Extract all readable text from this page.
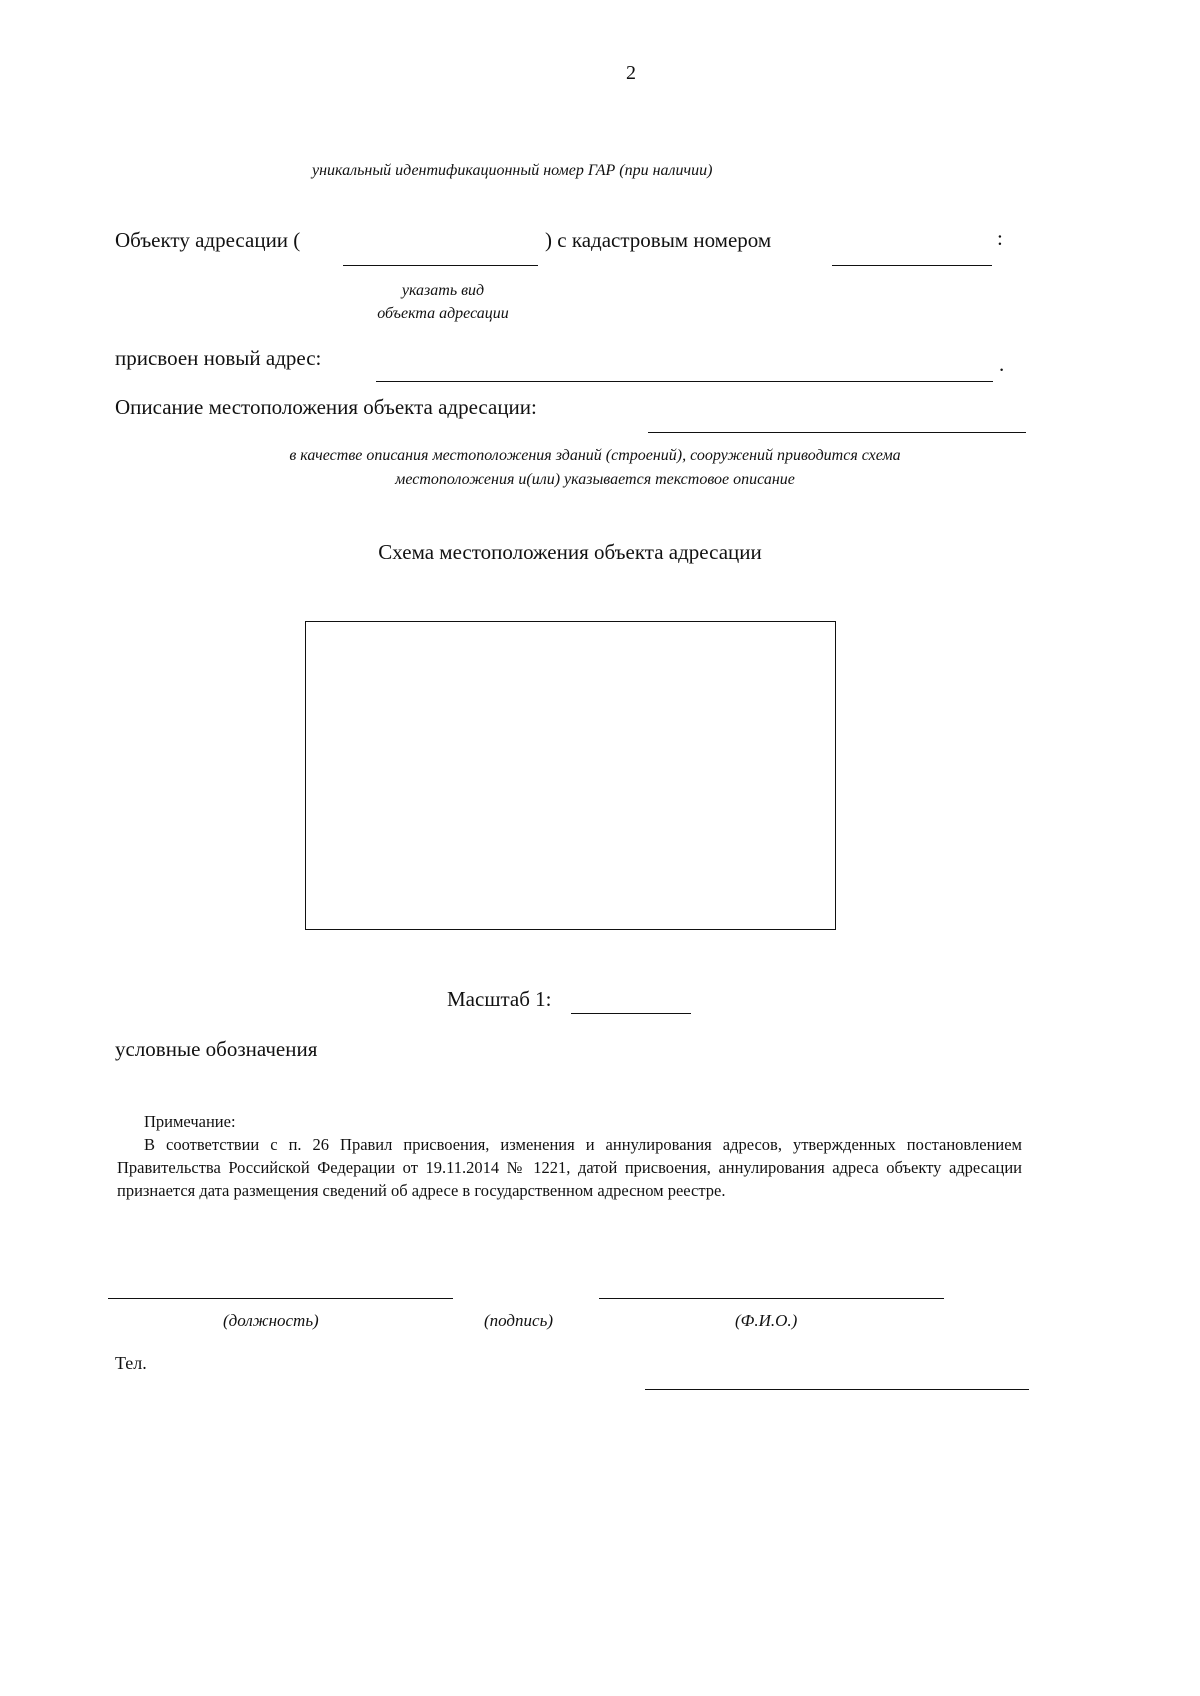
2
уникальный идентификационный номер ГАР (при наличии)
Объекту адресации (	) с кадастровым номером	:
указать вид
объекта адресации
присвоен новый адрес:	.
Описание местоположения объекта адресации:
в качестве описания местоположения зданий (строений), сооружений приводится схема
местоположения и(или) указывается текстовое описание
Схема местоположения объекта адресации
Масштаб 1:
условные обозначения
Примечание:
В соответствии с п. 26 Правил присвоения, изменения и аннулирования адресов, утвержденных постановлением Правительства Российской Федерации от 19.11.2014 № 1221, датой присвоения, аннулирования адреса объекту адресации признается дата размещения сведений об адресе в государственном адресном реестре.
(должность)	(подпись)	(Ф.И.О.)
Тел.
